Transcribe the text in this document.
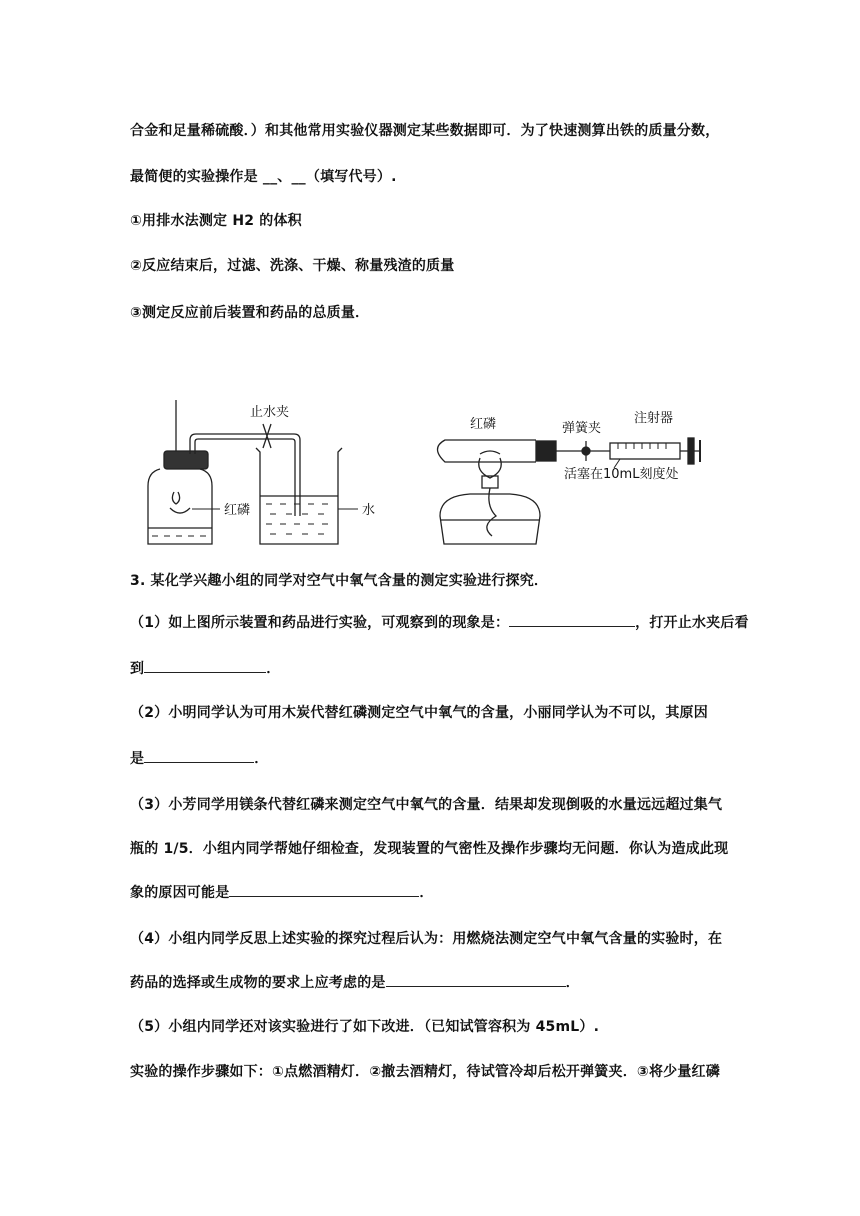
合金和足量稀硫酸．）和其他常用实验仪器测定某些数据即可．为了快速测算出铁的质量分数，
最简便的实验操作是 __、__（填写代号）.
①用排水法测定 H2 的体积
②反应结束后，过滤、洗涤、干燥、称量残渣的质量
③测定反应前后装置和药品的总质量．
止水夹
红磷	水
红磷	弹簧夹
注射器
活塞在10mL刻度处
3. 某化学兴趣小组的同学对空气中氧气含量的测定实验进行探究．
（1）如上图所示装置和药品进行实验，可观察到的现象是：	，打开止水夹后看
到	．
（2）小明同学认为可用木炭代替红磷测定空气中氧气的含量，小丽同学认为不可以，其原因
是	．
（3）小芳同学用镁条代替红磷来测定空气中氧气的含量．结果却发现倒吸的水量远远超过集气
瓶的 1/5．小组内同学帮她仔细检查，发现装置的气密性及操作步骤均无问题．你认为造成此现
象的原因可能是	．
（4）小组内同学反思上述实验的探究过程后认为：用燃烧法测定空气中氧气含量的实验时，在
药品的选择或生成物的要求上应考虑的是	．
（5）小组内同学还对该实验进行了如下改进．（已知试管容积为 45mL）.
实验的操作步骤如下：①点燃酒精灯．②撤去酒精灯，待试管冷却后松开弹簧夹．③将少量红磷
